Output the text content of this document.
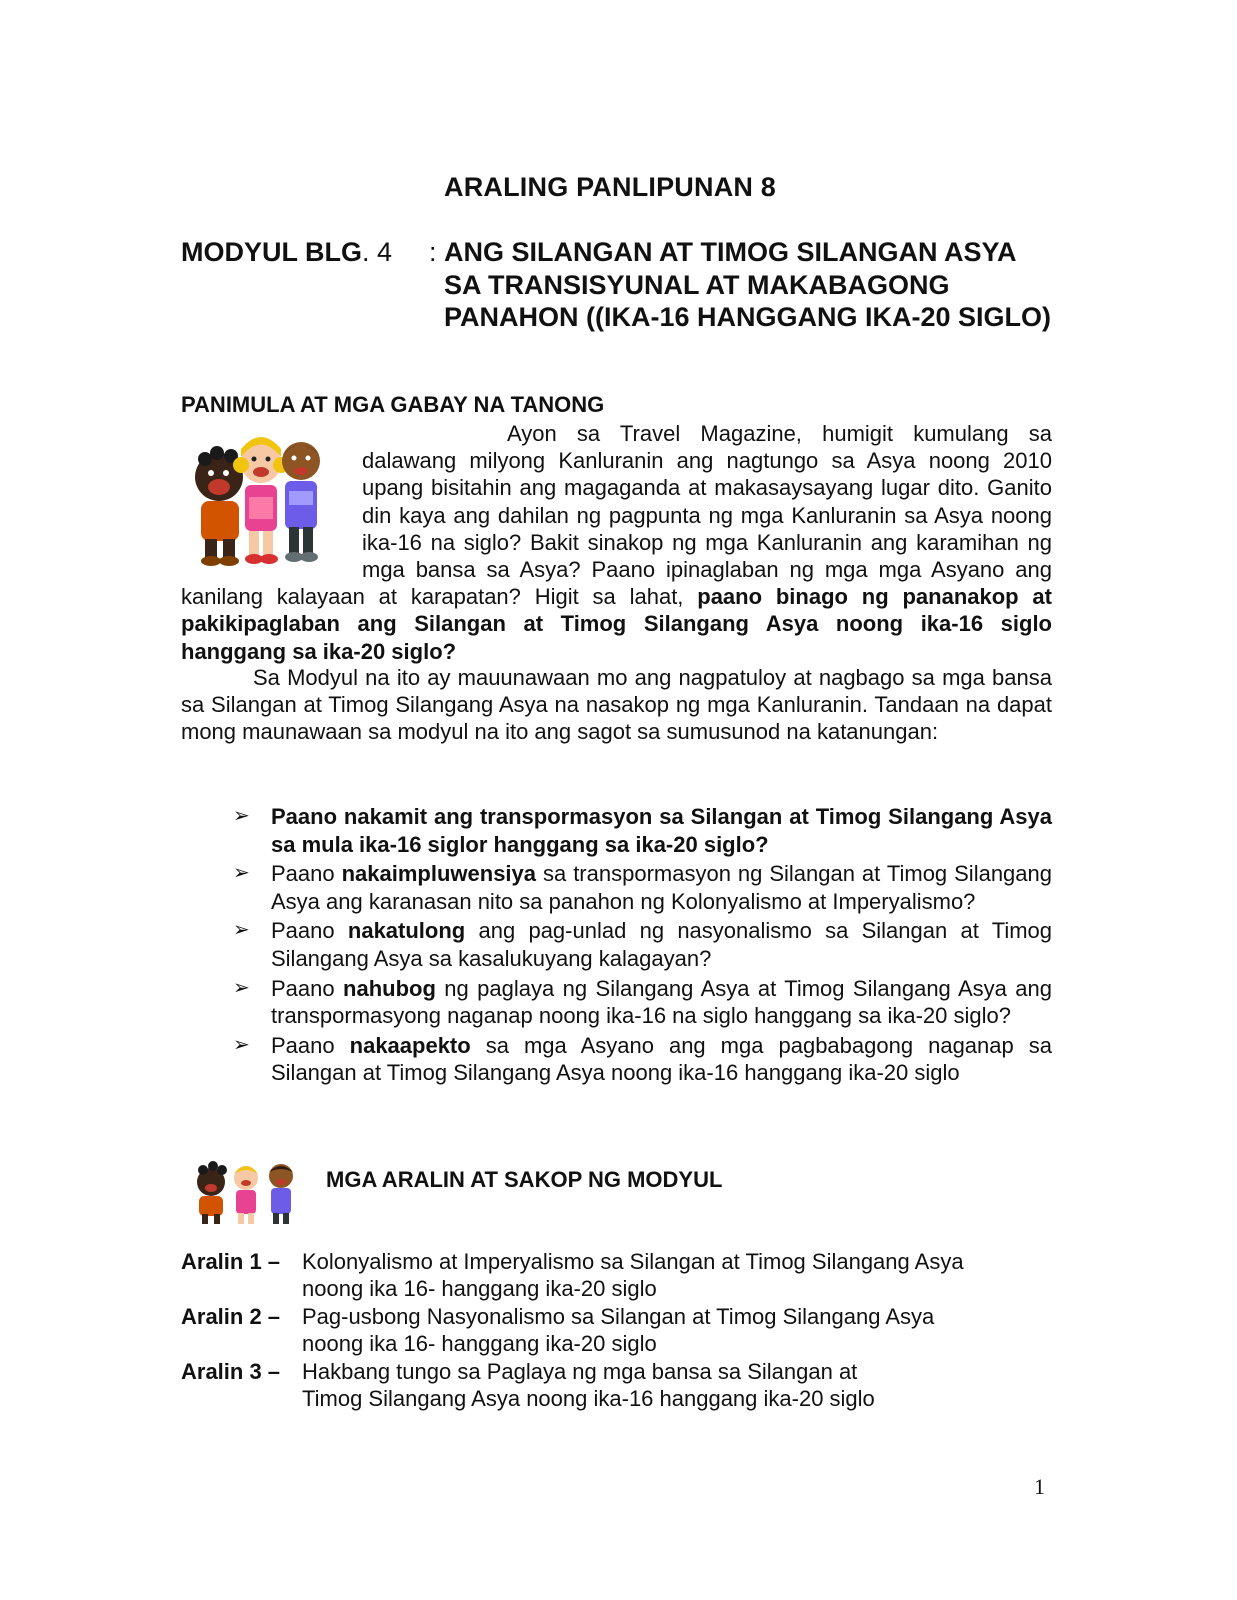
ARALING PANLIPUNAN 8
MODYUL BLG. 4 : ANG SILANGAN AT TIMOG SILANGAN ASYA SA TRANSISYUNAL AT MAKABAGONG PANAHON ((IKA-16 HANGGANG IKA-20 SIGLO)
PANIMULA AT MGA GABAY NA TANONG
Ayon sa Travel Magazine, humigit kumulang sa dalawang milyong Kanluranin ang nagtungo sa Asya noong 2010 upang bisitahin ang magaganda at makasaysayang lugar dito. Ganito din kaya ang dahilan ng pagpunta ng mga Kanluranin sa Asya noong ika-16 na siglo? Bakit sinakop ng mga Kanluranin ang karamihan ng mga bansa sa Asya? Paano ipinaglaban ng mga mga Asyano ang kanilang kalayaan at karapatan? Higit sa lahat, paano binago ng pananakop at pakikipaglaban ang Silangan at Timog Silangang Asya noong ika-16 siglo hanggang sa ika-20 siglo?
Sa Modyul na ito ay mauunawaan mo ang nagpatuloy at nagbago sa mga bansa sa Silangan at Timog Silangang Asya na nasakop ng mga Kanluranin. Tandaan na dapat mong maunawaan sa modyul na ito ang sagot sa sumusunod na katanungan:
➢ Paano nakamit ang transpormasyon sa Silangan at Timog Silangang Asya sa mula ika-16 siglor hanggang sa ika-20 siglo?
➢ Paano nakaimpluwensiya sa transpormasyon ng Silangan at Timog Silangang Asya ang karanasan nito sa panahon ng Kolonyalismo at Imperyalismo?
➢ Paano nakatulong ang pag-unlad ng nasyonalismo sa Silangan at Timog Silangang Asya sa kasalukuyang kalagayan?
➢ Paano nahubog ng paglaya ng Silangang Asya at Timog Silangang Asya ang transpormasyong naganap noong ika-16 na siglo hanggang sa ika-20 siglo?
➢ Paano nakaapekto sa mga Asyano ang mga pagbabagong naganap sa Silangan at Timog Silangang Asya noong ika-16 hanggang ika-20 siglo
MGA ARALIN AT SAKOP NG MODYUL
Aralin 1 – Kolonyalismo at Imperyalismo sa Silangan at Timog Silangang Asya
noong ika 16- hanggang ika-20 siglo
Aralin 2 – Pag-usbong Nasyonalismo sa Silangan at Timog Silangang Asya
noong ika 16- hanggang ika-20 siglo
Aralin 3 – Hakbang tungo sa Paglaya ng mga bansa sa Silangan at
Timog Silangang Asya noong ika-16 hanggang ika-20 siglo
1
